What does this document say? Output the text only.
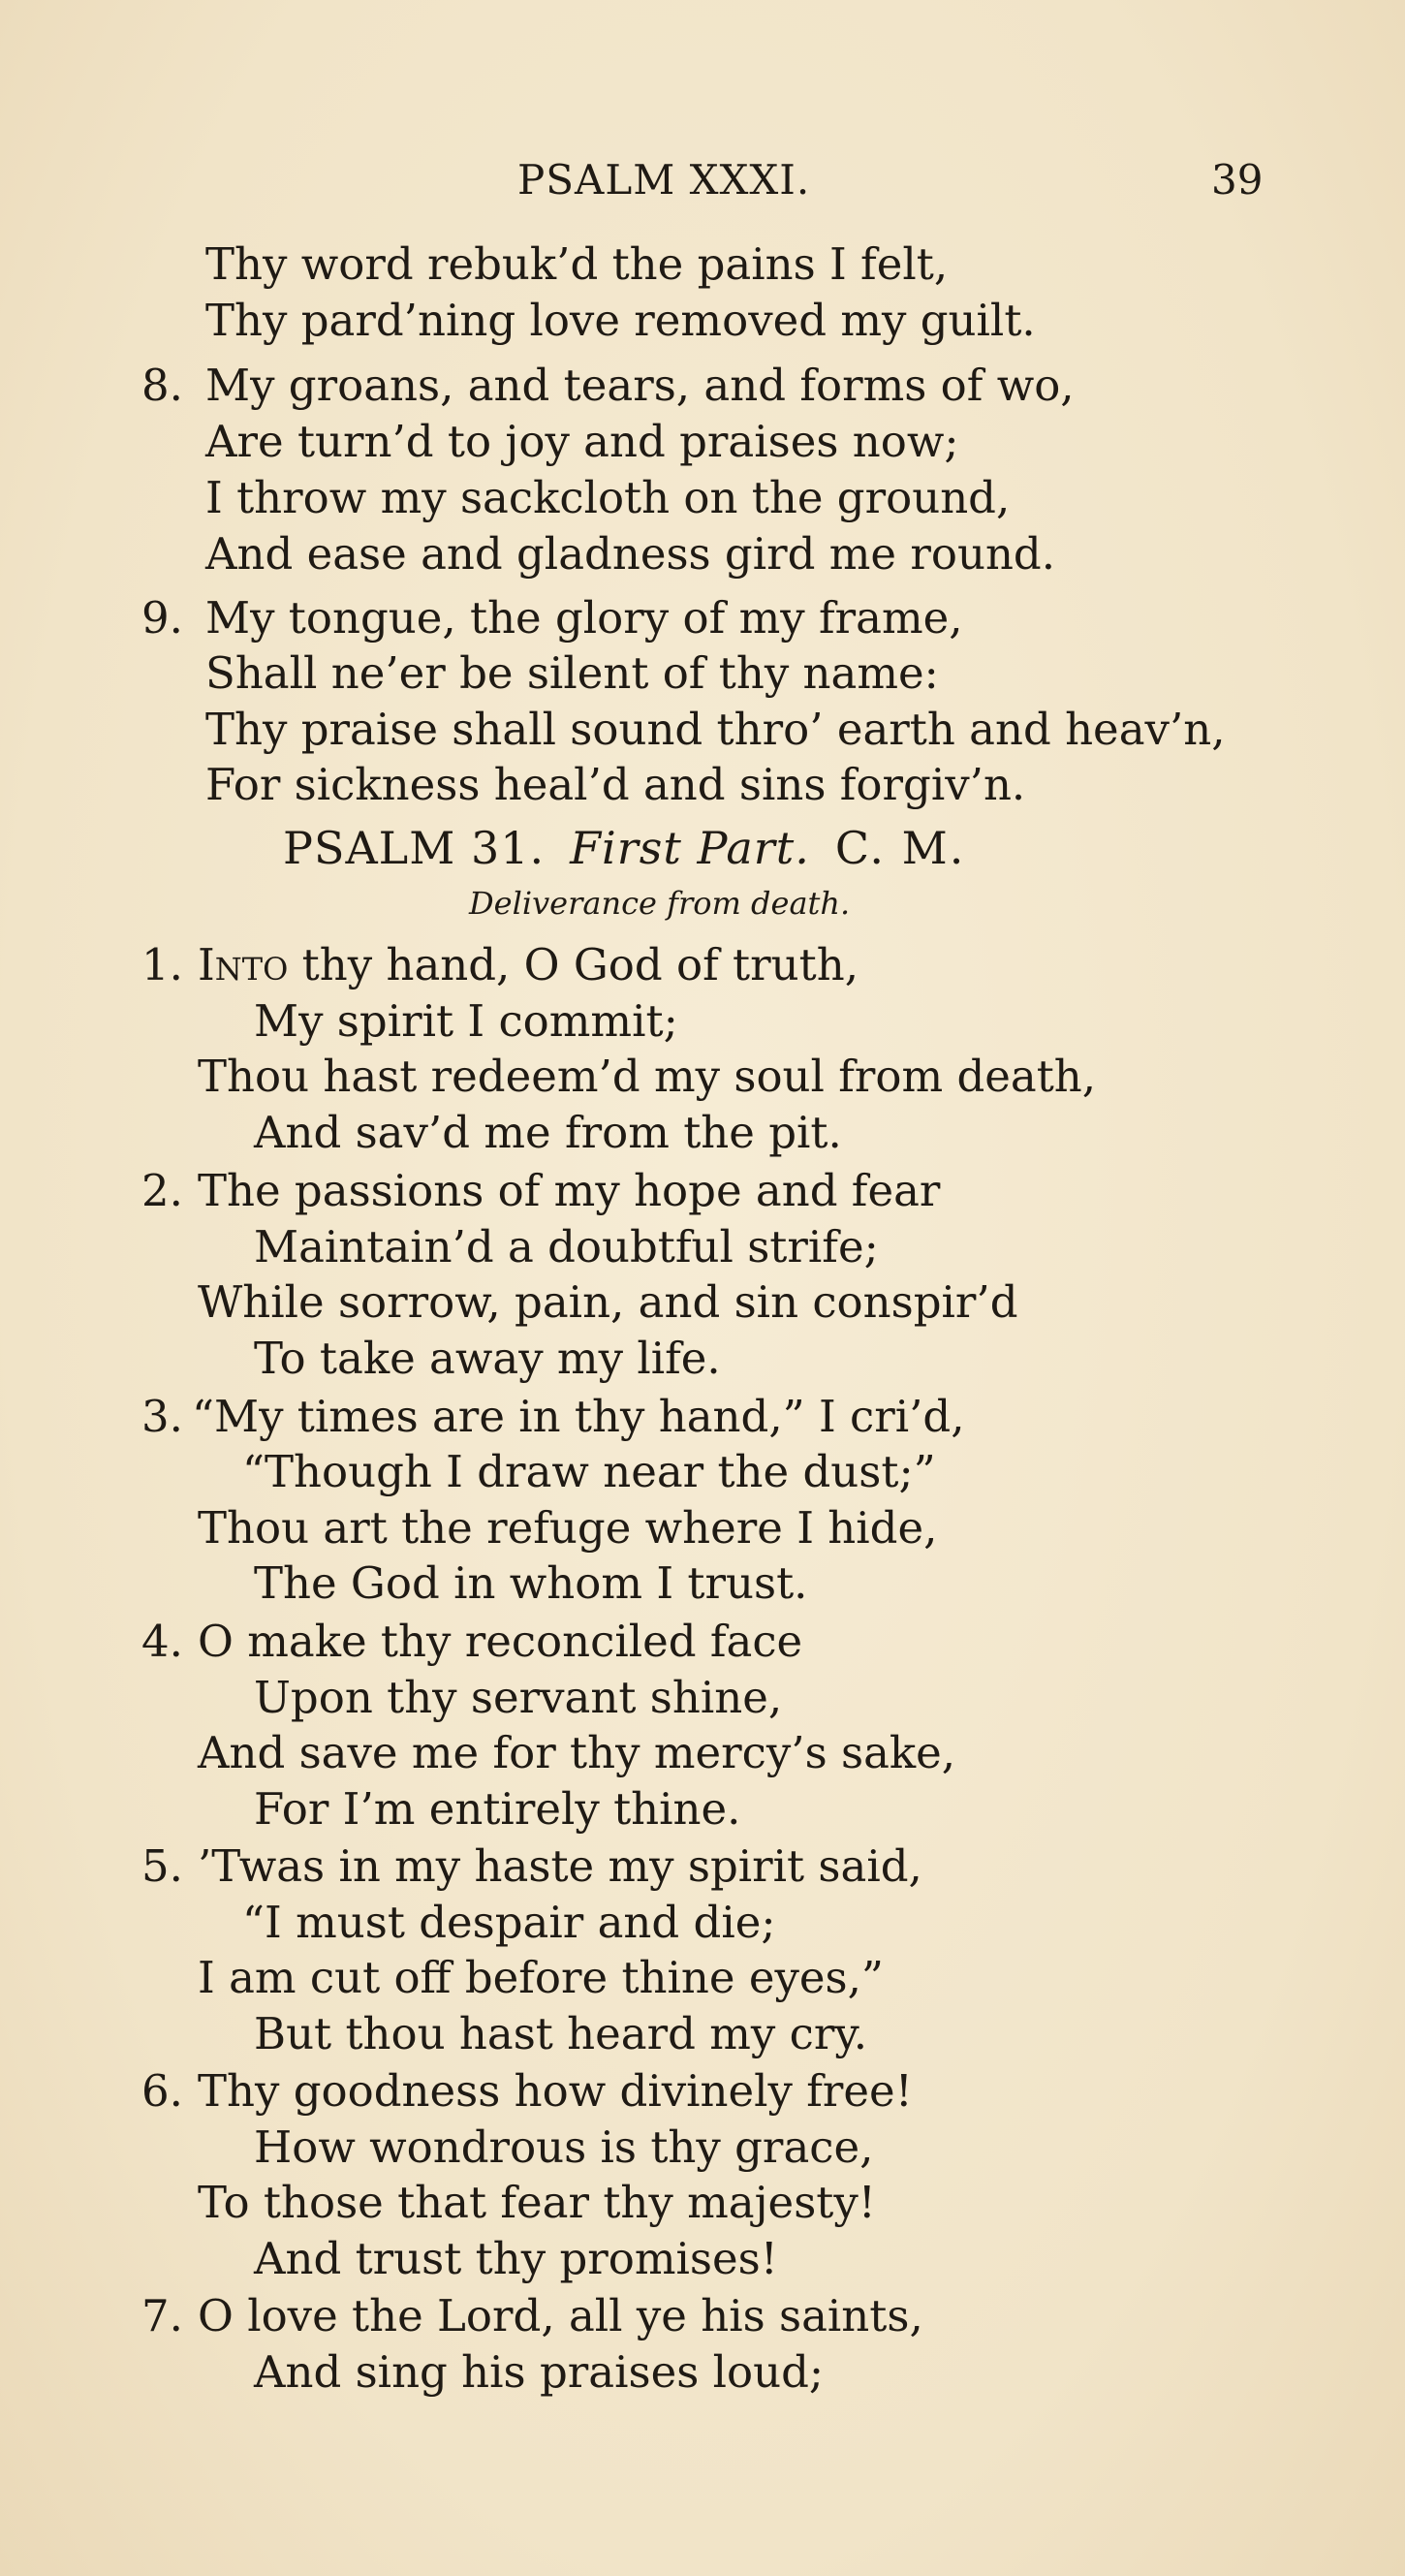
PSALM XXXI.	39
Thy word rebuk’d the pains I felt,
Thy pard’ning love removed my guilt.
8. My groans, and tears, and forms of wo,
Are turn’d to joy and praises now;
I throw my sackcloth on the ground,
And ease and gladness gird me round.
9. My tongue, the glory of my frame,
Shall ne’er be silent of thy name:
Thy praise shall sound thro’ earth and heav’n,
For sickness heal’d and sins forgiv’n.
PSALM 31. First Part. C. M.
Deliverance from death.
1. Into thy hand, O God of truth,
My spirit I commit;
Thou hast redeem’d my soul from death,
And sav’d me from the pit.
2. The passions of my hope and fear
Maintain’d a doubtful strife;
While sorrow, pain, and sin conspir’d
To take away my life.
3. “My times are in thy hand,” I cri’d,
“Though I draw near the dust;”
Thou art the refuge where I hide,
The God in whom I trust.
4. O make thy reconciled face
Upon thy servant shine,
And save me for thy mercy’s sake,
For I’m entirely thine.
5. ’Twas in my haste my spirit said,
“I must despair and die;
I am cut off before thine eyes,”
But thou hast heard my cry.
6. Thy goodness how divinely free!
How wondrous is thy grace,
To those that fear thy majesty!
And trust thy promises!
7. O love the Lord, all ye his saints,
And sing his praises loud;
